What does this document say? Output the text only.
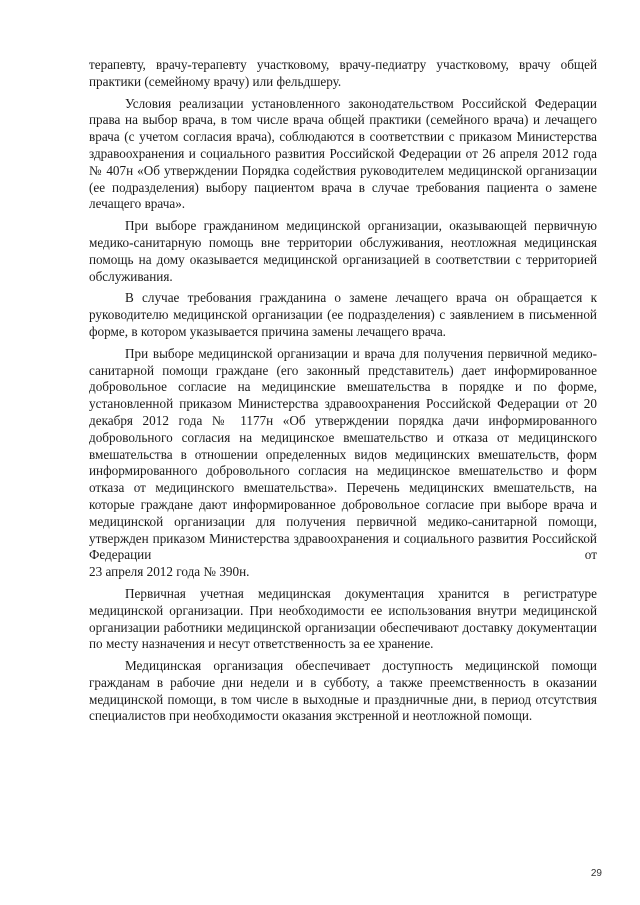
терапевту, врачу-терапевту участковому, врачу-педиатру участковому, врачу общей практики (семейному врачу) или фельдшеру.

Условия реализации установленного законодательством Российской Федерации права на выбор врача, в том числе врача общей практики (семейного врача) и лечащего врача (с учетом согласия врача), соблюдаются в соответствии с приказом Министерства здравоохранения и социального развития Российской Федерации от 26 апреля 2012 года № 407н «Об утверждении Порядка содействия руководителем медицинской организации (ее подразделения) выбору пациентом врача в случае требования пациента о замене лечащего врача».

При выборе гражданином медицинской организации, оказывающей первичную медико-санитарную помощь вне территории обслуживания, неотложная медицинская помощь на дому оказывается медицинской организацией в соответствии с территорией обслуживания.

В случае требования гражданина о замене лечащего врача он обращается к руководителю медицинской организации (ее подразделения) с заявлением в письменной форме, в котором указывается причина замены лечащего врача.

При выборе медицинской организации и врача для получения первичной медико-санитарной помощи граждане (его законный представитель) дает информированное добровольное согласие на медицинские вмешательства в порядке и по форме, установленной приказом Министерства здравоохранения Российской Федерации от 20 декабря 2012 года № 1177н «Об утверждении порядка дачи информированного добровольного согласия на медицинское вмешательство и отказа от медицинского вмешательства в отношении определенных видов медицинских вмешательств, форм информированного добровольного согласия на медицинское вмешательство и форм отказа от медицинского вмешательства». Перечень медицинских вмешательств, на которые граждане дают информированное добровольное согласие при выборе врача и медицинской организации для получения первичной медико-санитарной помощи, утвержден приказом Министерства здравоохранения и социального развития Российской Федерации от

23 апреля 2012 года № 390н.

Первичная учетная медицинская документация хранится в регистратуре медицинской организации. При необходимости ее использования внутри медицинской организации работники медицинской организации обеспечивают доставку документации по месту назначения и несут ответственность за ее хранение.

Медицинская организация обеспечивает доступность медицинской помощи гражданам в рабочие дни недели и в субботу, а также преемственность в оказании медицинской помощи, в том числе в выходные и праздничные дни, в период отсутствия специалистов при необходимости оказания экстренной и неотложной помощи.

29
